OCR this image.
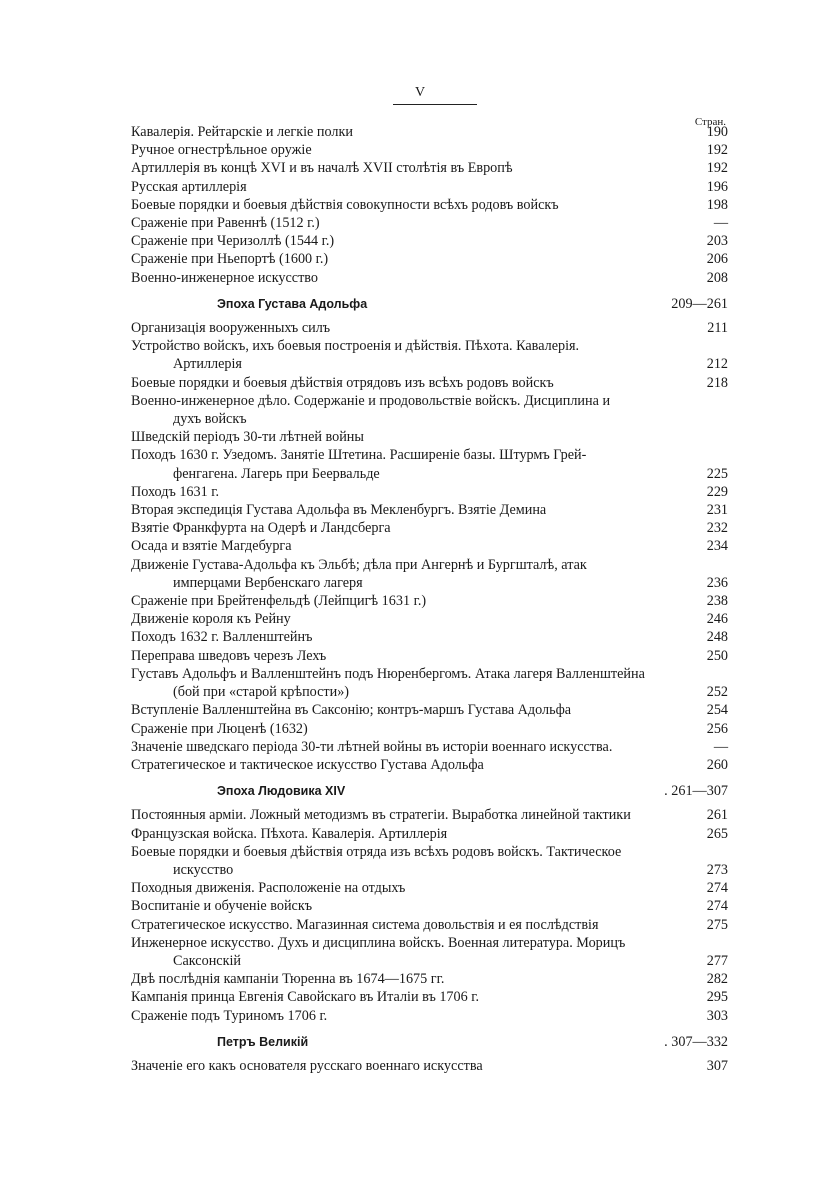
V
Стран.
Кавалерія. Рейтарскіе и легкіе полки	190
Ручное огнестрѣльное оружіе	192
Артиллерія въ концѣ XVI и въ началѣ XVII столѣтія въ Европѣ	192
Русская артиллерія	196
Боевые порядки и боевыя дѣйствія совокупности всѣхъ родовъ войскъ	198
Сраженіе при Равеннѣ (1512 г.)	—
Сраженіе при Черизоллѣ (1544 г.)	203
Сраженіе при Ньепортѣ (1600 г.)	206
Военно-инженерное искусство	208
Эпоха Густава Адольфа	209—261
Организація вооруженныхъ силъ	211
Устройство войскъ, ихъ боевыя построенія и дѣйствія. Пѣхота. Кавалерія.
Артиллерія	212
Боевые порядки и боевыя дѣйствія отрядовъ изъ всѣхъ родовъ войскъ	218
Военно-инженерное дѣло. Содержаніе и продовольствіе войскъ. Дисциплина и
духъ войскъ
Шведскій періодъ 30-ти лѣтней войны
Походъ 1630 г. Узедомъ. Занятіе Штетина. Расширеніе базы. Штурмъ Грей-
фенгагена. Лагерь при Беервальде	225
Походъ 1631 г.	229
Вторая экспедиція Густава Адольфа въ Мекленбургъ. Взятіе Демина	231
Взятіе Франкфурта на Одерѣ и Ландсберга	232
Осада и взятіе Магдебурга	234
Движеніе Густава-Адольфа къ Эльбѣ; дѣла при Ангернѣ и Бургшталѣ, атак
имперцами Вербенскаго лагеря	236
Сраженіе при Брейтенфельдѣ (Лейпцигѣ 1631 г.)	238
Движеніе короля къ Рейну	246
Походъ 1632 г. Валленштейнъ	248
Переправа шведовъ черезъ Лехъ	250
Густавъ Адольфъ и Валленштейнъ подъ Нюренбергомъ. Атака лагеря Валленштейна
(бой при «старой крѣпости»)	252
Вступленіе Валленштейна въ Саксонію; контръ-маршъ Густава Адольфа	254
Сраженіе при Люценѣ (1632)	256
Значеніе шведскаго періода 30-ти лѣтней войны въ исторіи военнаго искусства.	—
Стратегическое и тактическое искусство Густава Адольфа	260
Эпоха Людовика XIV	. 261—307
Постоянныя арміи. Ложный методизмъ въ стратегіи. Выработка линейной тактики	261
Французская войска. Пѣхота. Кавалерія. Артиллерія	265
Боевые порядки и боевыя дѣйствія отряда изъ всѣхъ родовъ войскъ. Тактическое
искусство	273
Походныя движенія. Расположеніе на отдыхъ	274
Воспитаніе и обученіе войскъ	274
Стратегическое искусство. Магазинная система довольствія и ея послѣдствія	275
Инженерное искусство. Духъ и дисциплина войскъ. Военная литература. Морицъ
Саксонскій	277
Двѣ послѣднія кампаніи Тюренна въ 1674—1675 гг.	282
Кампанія принца Евгенія Савойскаго въ Италіи въ 1706 г.	295
Сраженіе подъ Туриномъ 1706 г.	303
Петръ Великій	. 307—332
Значеніе его какъ основателя русскаго военнаго искусства	307
